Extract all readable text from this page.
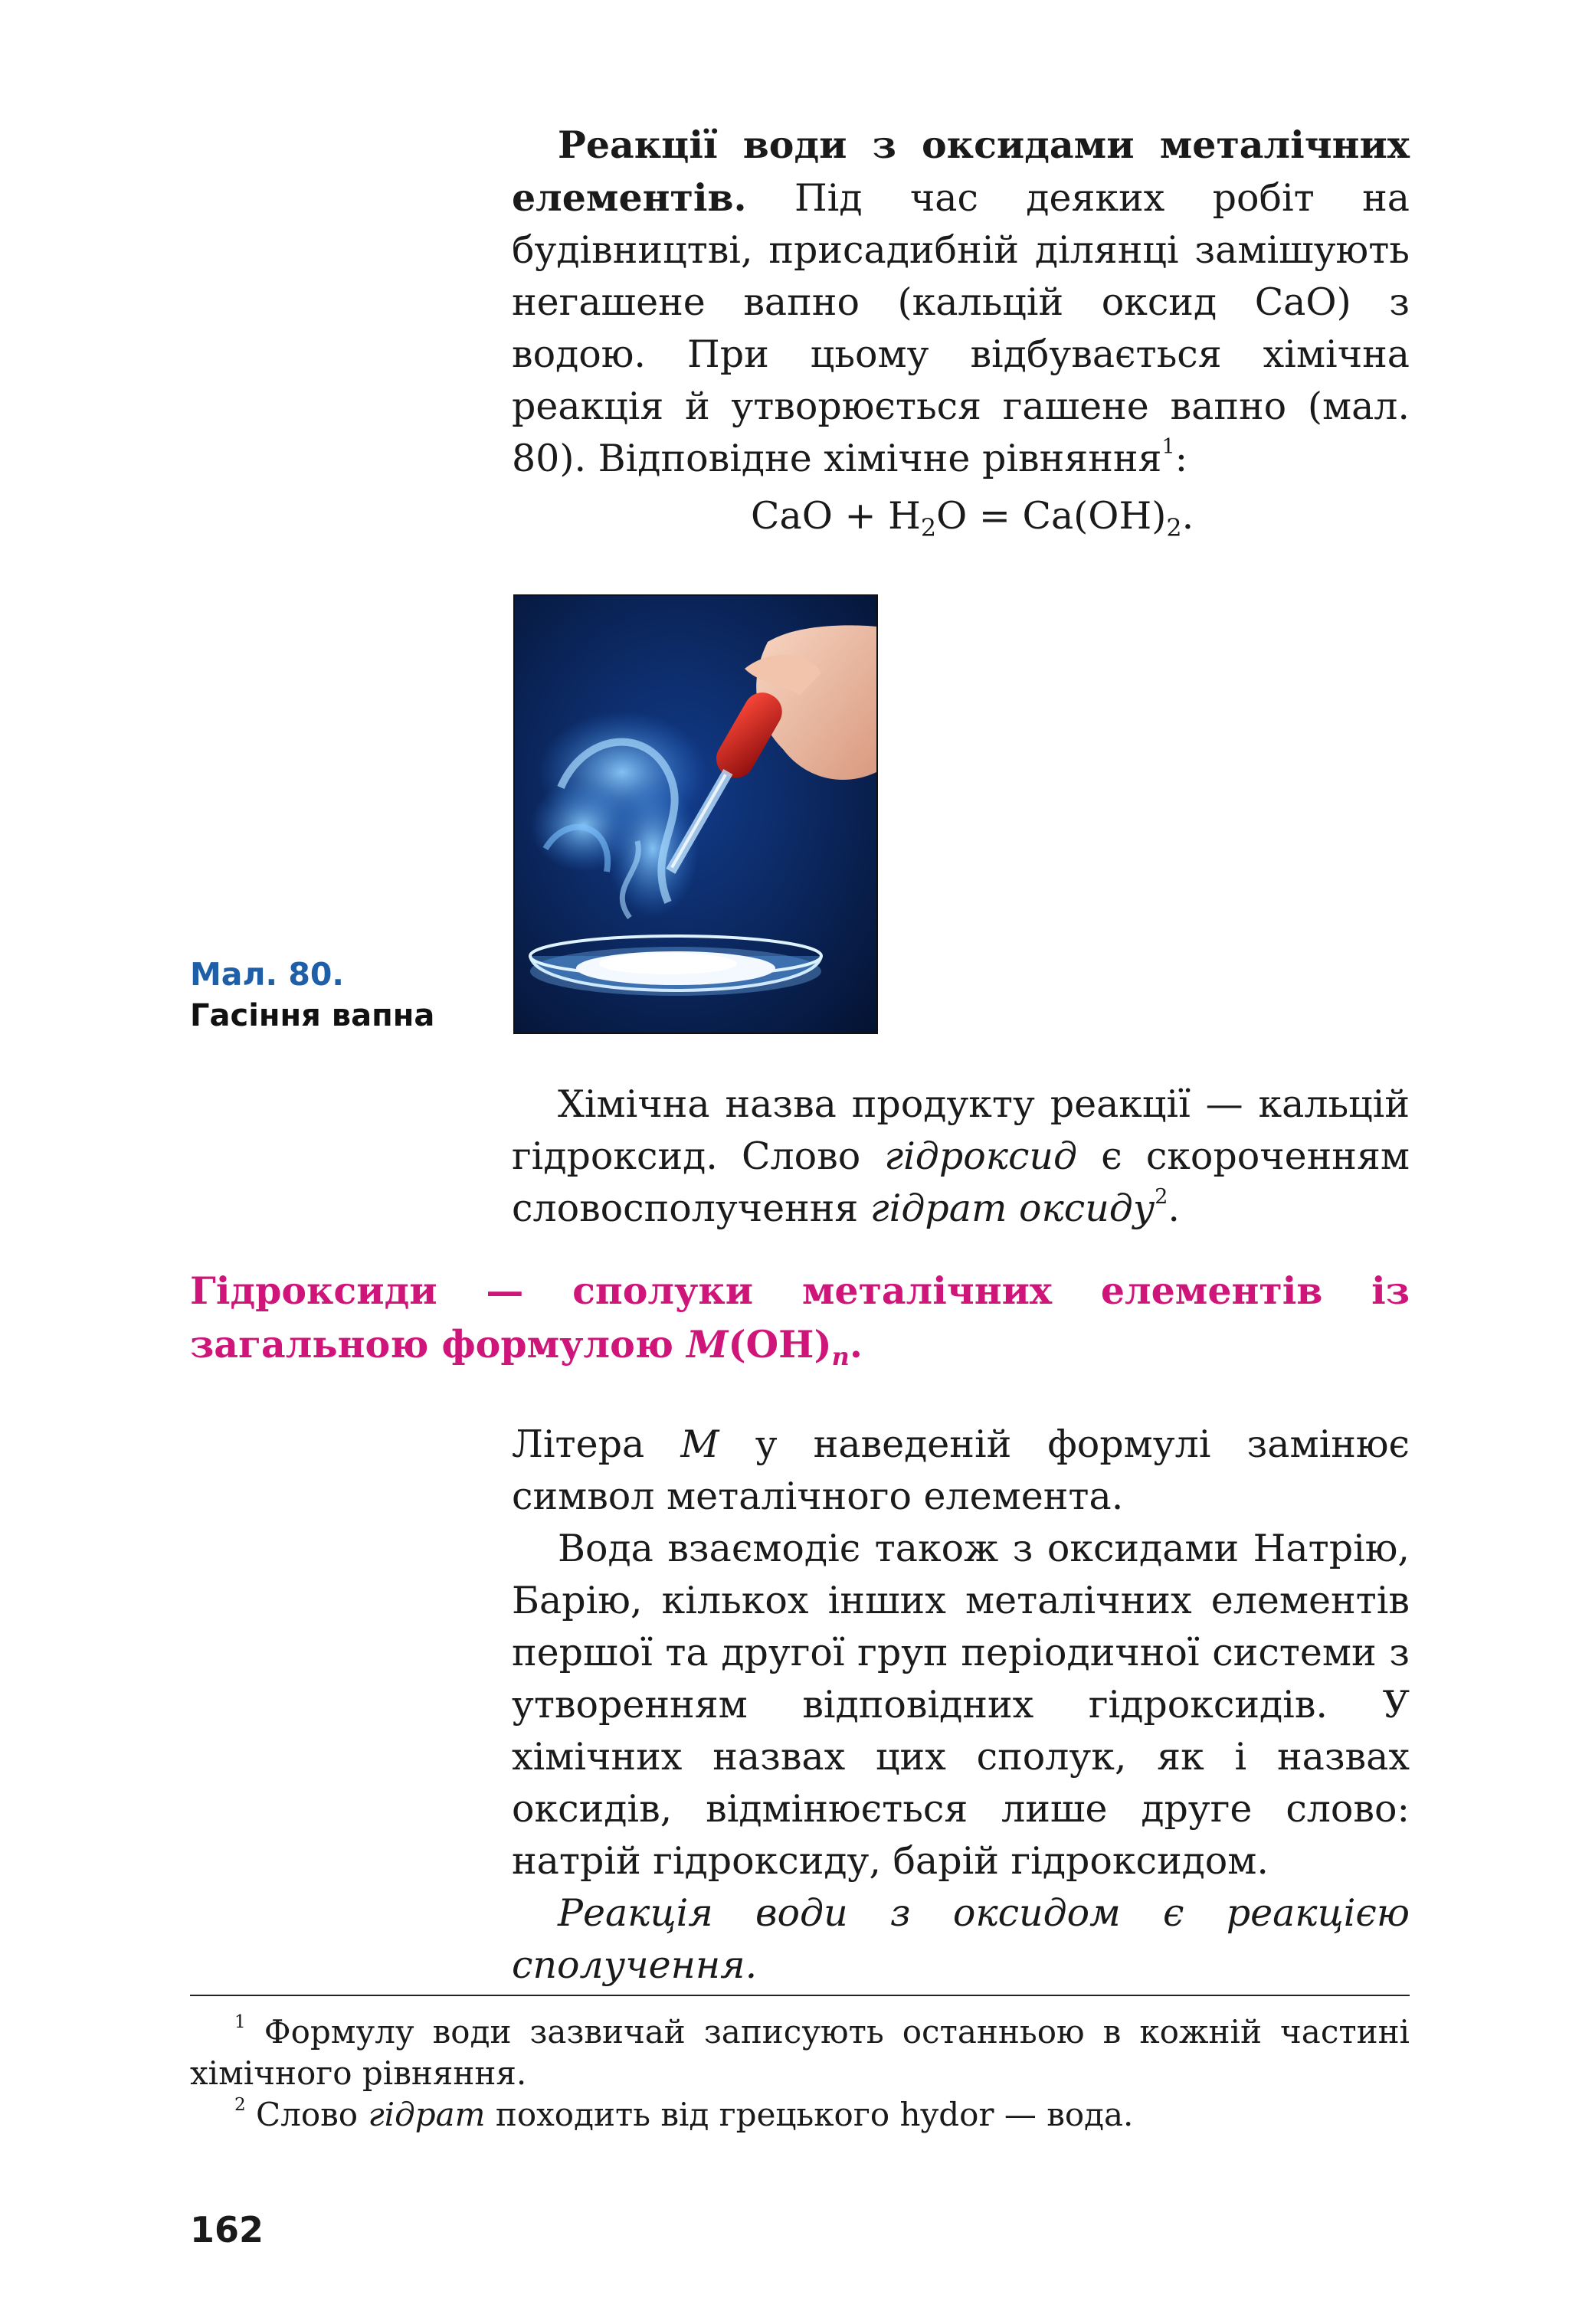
Реакції води з оксидами металічних елементів. Під час деяких робіт на будівництві, присадибній ділянці замішують негашене вапно (кальцій оксид CaO) з водою. При цьому відбувається хімічна реакція й утворюється гашене вапно (мал. 80). Відповідне хімічне рівняння$^1$:

CaO + $H_2O = Ca(OH)_2$.
Мал. 80.
Гасіння вапна

Хімічна назва продукту реакції — кальцій гідроксид. Слово гідроксид є скороченням словосполучення гідрат оксиду$^2$.

Гідроксиди — сполуки металічних елементів із загальною формулою $M(OH)_n$.

Літера M у наведеній формулі замінює символ металічного елемента.

Вода взаємодіє також з оксидами Натрію, Барію, кількох інших металічних елементів першої та другої груп періодичної системи з утворенням відповідних гідроксидів. У хімічних назвах цих сполук, як і назвах оксидів, відмінюється лише друге слово: натрій гідроксиду, барій гідроксидом.

Реакція води з оксидом є реакцією сполучення.

$^1$ Формулу води зазвичай записують останньою в кожній частині хімічного рівняння.

$^2$ Слово гідрат походить від грецького hydor — вода.

162
